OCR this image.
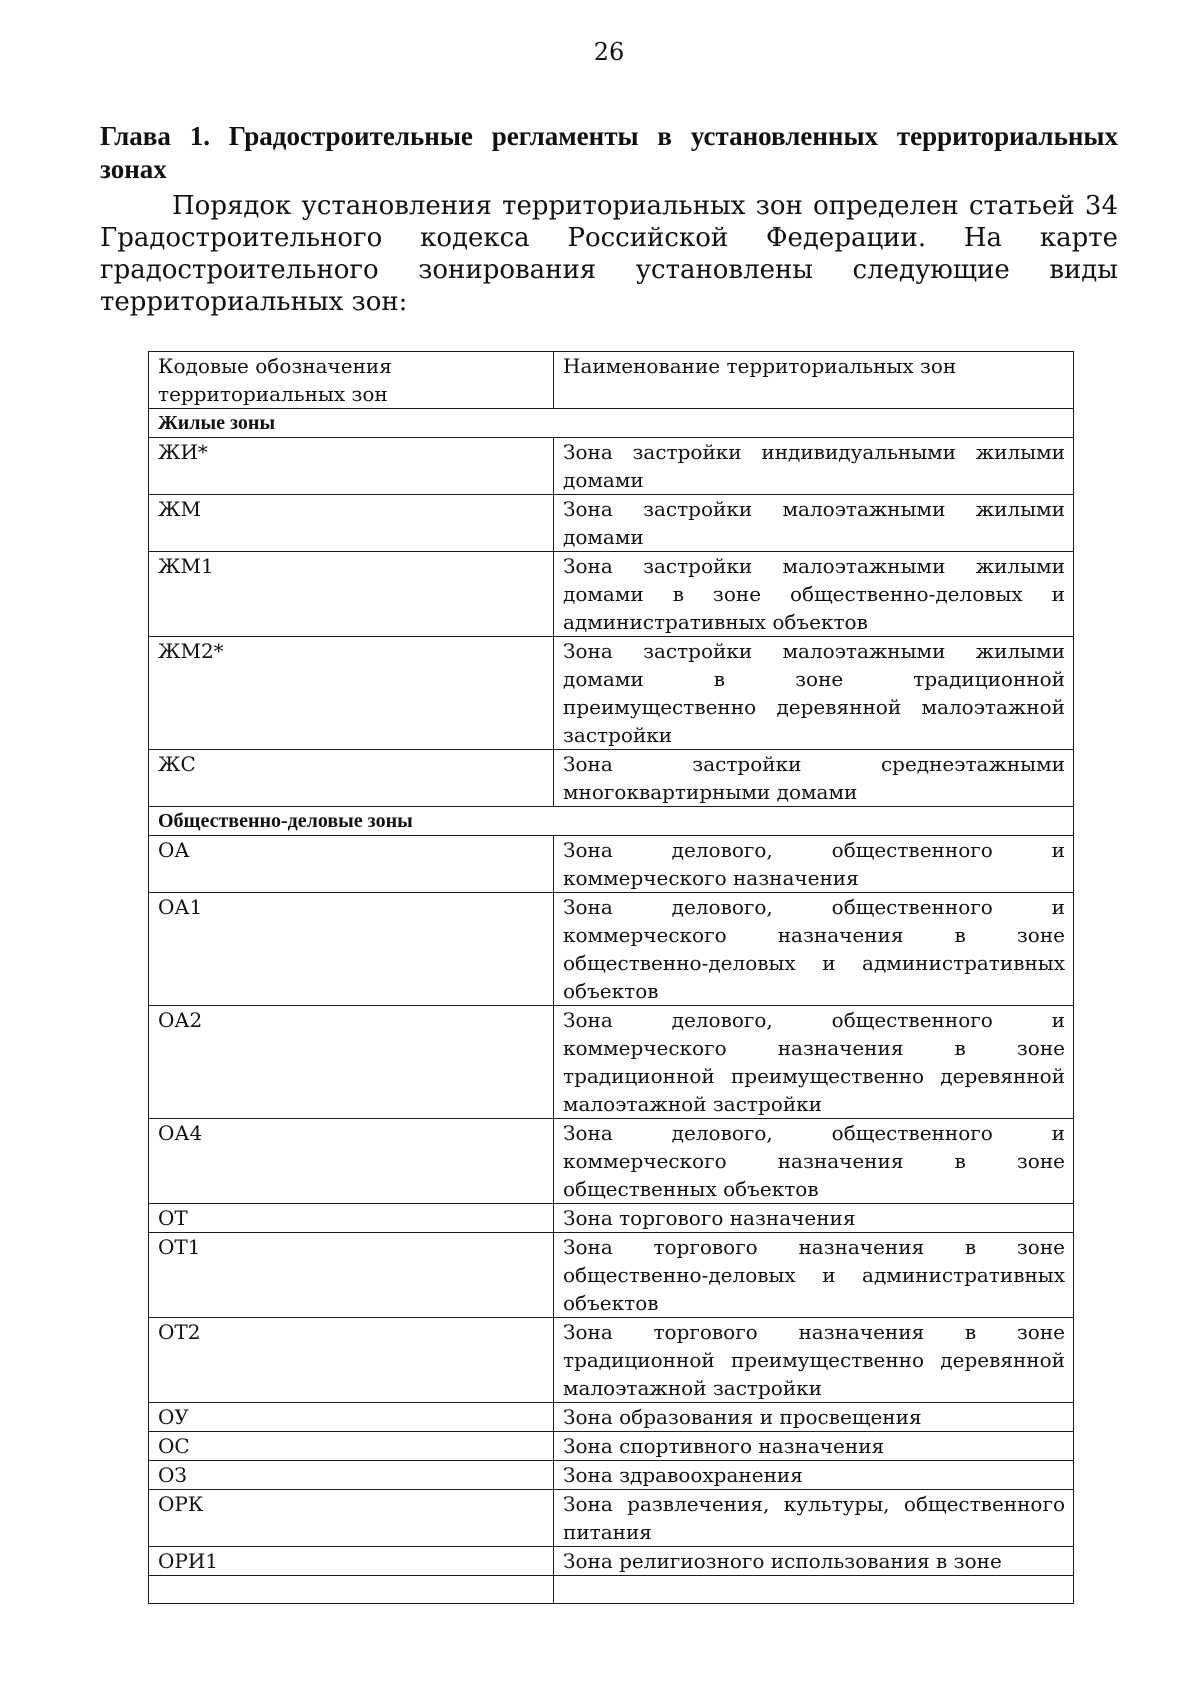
26
Глава 1. Градостроительные регламенты в установленных территориальных зонах

Порядок установления территориальных зон определен статьей 34 Градостроительного кодекса Российской Федерации. На карте градостроительного зонирования установлены следующие виды территориальных зон:

Кодовые обозначения территориальных зон	Наименование территориальных зон
Жилые зоны	
ЖИ*	Зона застройки индивидуальными жилыми домами
ЖМ	Зона застройки малоэтажными жилыми домами
ЖМ1	Зона застройки малоэтажными жилыми домами в зоне общественно-деловых и административных объектов
ЖМ2*	Зона застройки малоэтажными жилыми домами в зоне традиционной преимущественно деревянной малоэтажной застройки
ЖС	Зона застройки среднеэтажными многоквартирными домами
Общественно-деловые зоны	
ОА	Зона делового, общественного и коммерческого назначения
ОА1	Зона делового, общественного и коммерческого назначения в зоне общественно-деловых и административных объектов
ОА2	Зона делового, общественного и коммерческого назначения в зоне традиционной преимущественно деревянной малоэтажной застройки
ОА4	Зона делового, общественного и коммерческого назначения в зоне общественных объектов
ОТ	Зона торгового назначения
ОТ1	Зона торгового назначения в зоне общественно-деловых и административных объектов
ОТ2	Зона торгового назначения в зоне традиционной преимущественно деревянной малоэтажной застройки
ОУ	Зона образования и просвещения
ОС	Зона спортивного назначения
ОЗ	Зона здравоохранения
ОРК	Зона развлечения, культуры, общественного питания
ОРИ1	Зона религиозного использования в зоне
